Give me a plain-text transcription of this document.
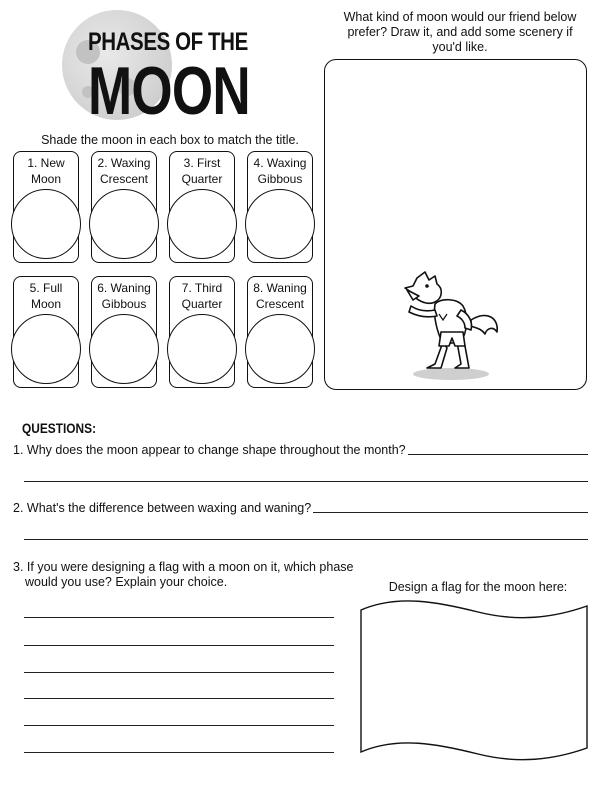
PHASES OF THE
MOON
Shade the moon in each box to match the title.
1. New Moon
2. Waxing Crescent
3. First Quarter
4. Waxing Gibbous
5. Full Moon
6. Waning Gibbous
7. Third Quarter
8. Waning Crescent
What kind of moon would our friend below prefer? Draw it, and add some scenery if you'd like.
QUESTIONS:
1. Why does the moon appear to change shape throughout the month?
2. What's the difference between waxing and waning?
3. If you were designing a flag with a moon on it, which phase
would you use? Explain your choice.	Design a flag for the moon here:
